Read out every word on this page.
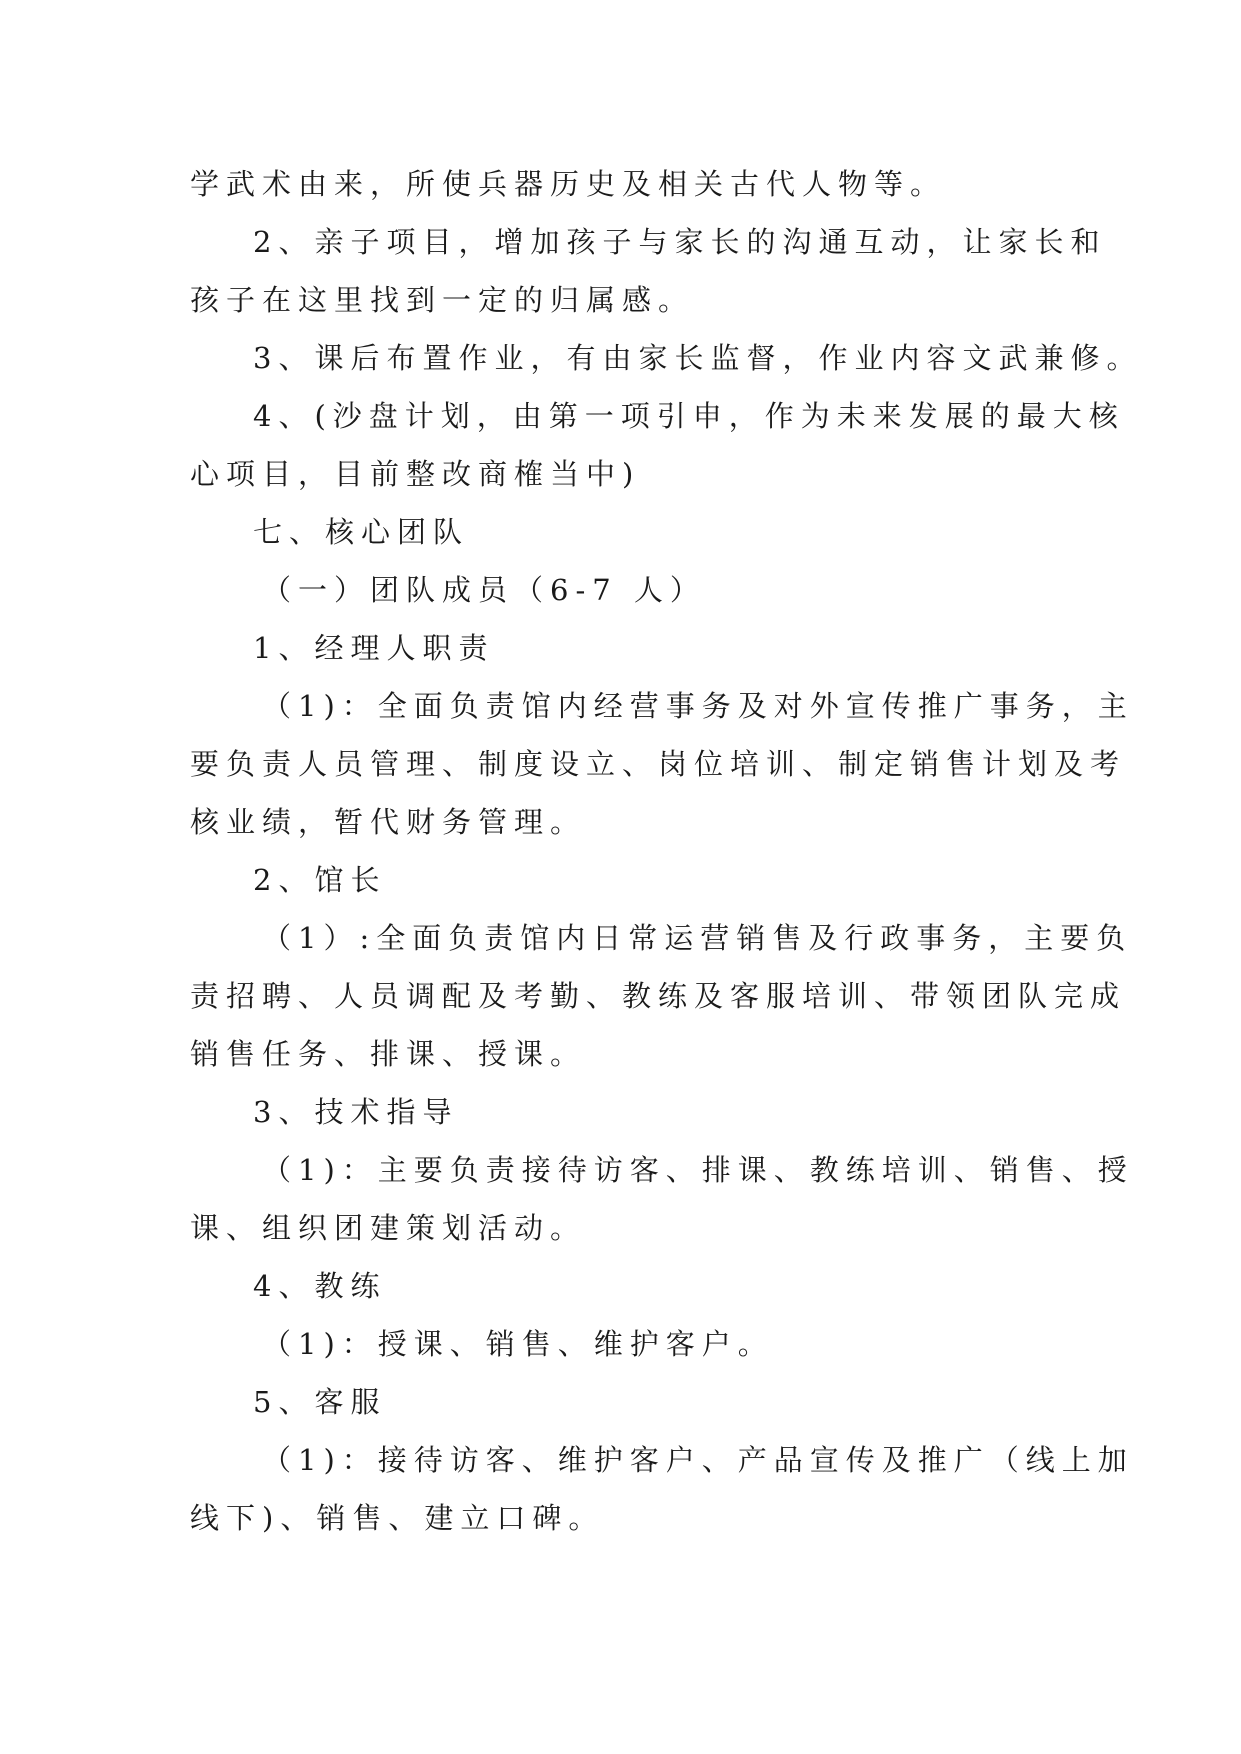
学武术由来，所使兵器历史及相关古代人物等。
2、亲子项目，增加孩子与家长的沟通互动，让家长和
孩子在这里找到一定的归属感。
3、课后布置作业，有由家长监督，作业内容文武兼修。
4、(沙盘计划，由第一项引申，作为未来发展的最大核
心项目，目前整改商榷当中)
七、核心团队
（一）团队成员（6-7 人）
1、经理人职责
（1)：全面负责馆内经营事务及对外宣传推广事务，主
要负责人员管理、制度设立、岗位培训、制定销售计划及考
核业绩，暂代财务管理。
2、馆长
（1）:全面负责馆内日常运营销售及行政事务，主要负
责招聘、人员调配及考勤、教练及客服培训、带领团队完成
销售任务、排课、授课。
3、技术指导
（1)：主要负责接待访客、排课、教练培训、销售、授
课、组织团建策划活动。
4、教练
（1)：授课、销售、维护客户。
5、客服
（1)：接待访客、维护客户、产品宣传及推广（线上加
线下)、销售、建立口碑。
